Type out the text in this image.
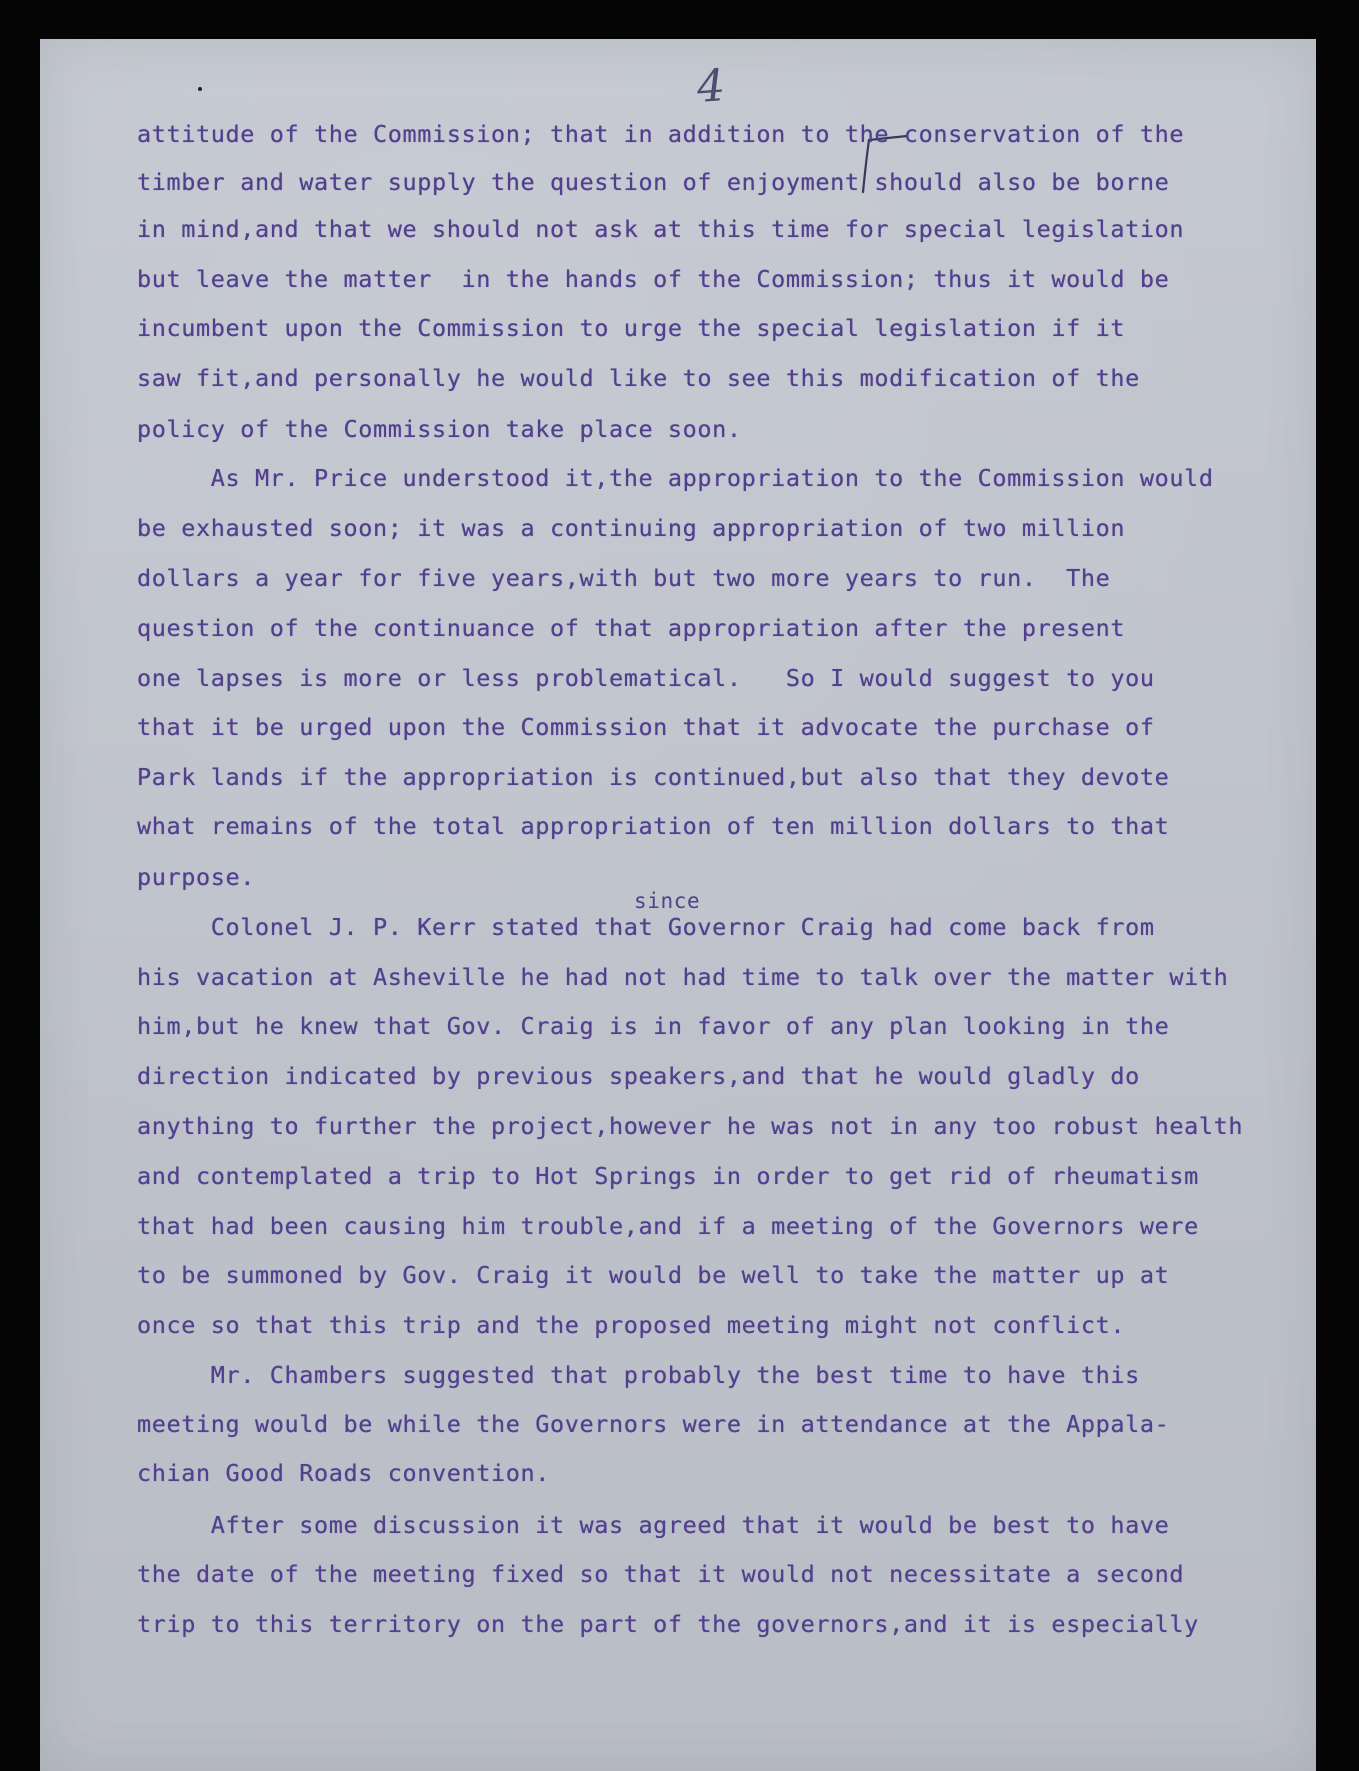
4
attitude of the Commission; that in addition to the conservation of the
timber and water supply the question of enjoyment should also be borne
in mind,and that we should not ask at this time for special legislation
but leave the matter  in the hands of the Commission; thus it would be
incumbent upon the Commission to urge the special legislation if it
saw fit,and personally he would like to see this modification of the
policy of the Commission take place soon.
As Mr. Price understood it,the appropriation to the Commission would
be exhausted soon; it was a continuing appropriation of two million
dollars a year for five years,with but two more years to run.  The
question of the continuance of that appropriation after the present
one lapses is more or less problematical.   So I would suggest to you
that it be urged upon the Commission that it advocate the purchase of
Park lands if the appropriation is continued,but also that they devote
what remains of the total appropriation of ten million dollars to that
purpose.
since
Colonel J. P. Kerr stated that Governor Craig had come back from
his vacation at Asheville he had not had time to talk over the matter with
him,but he knew that Gov. Craig is in favor of any plan looking in the
direction indicated by previous speakers,and that he would gladly do
anything to further the project,however he was not in any too robust health
and contemplated a trip to Hot Springs in order to get rid of rheumatism
that had been causing him trouble,and if a meeting of the Governors were
to be summoned by Gov. Craig it would be well to take the matter up at
once so that this trip and the proposed meeting might not conflict.
Mr. Chambers suggested that probably the best time to have this
meeting would be while the Governors were in attendance at the Appala-
chian Good Roads convention.
After some discussion it was agreed that it would be best to have
the date of the meeting fixed so that it would not necessitate a second
trip to this territory on the part of the governors,and it is especially
